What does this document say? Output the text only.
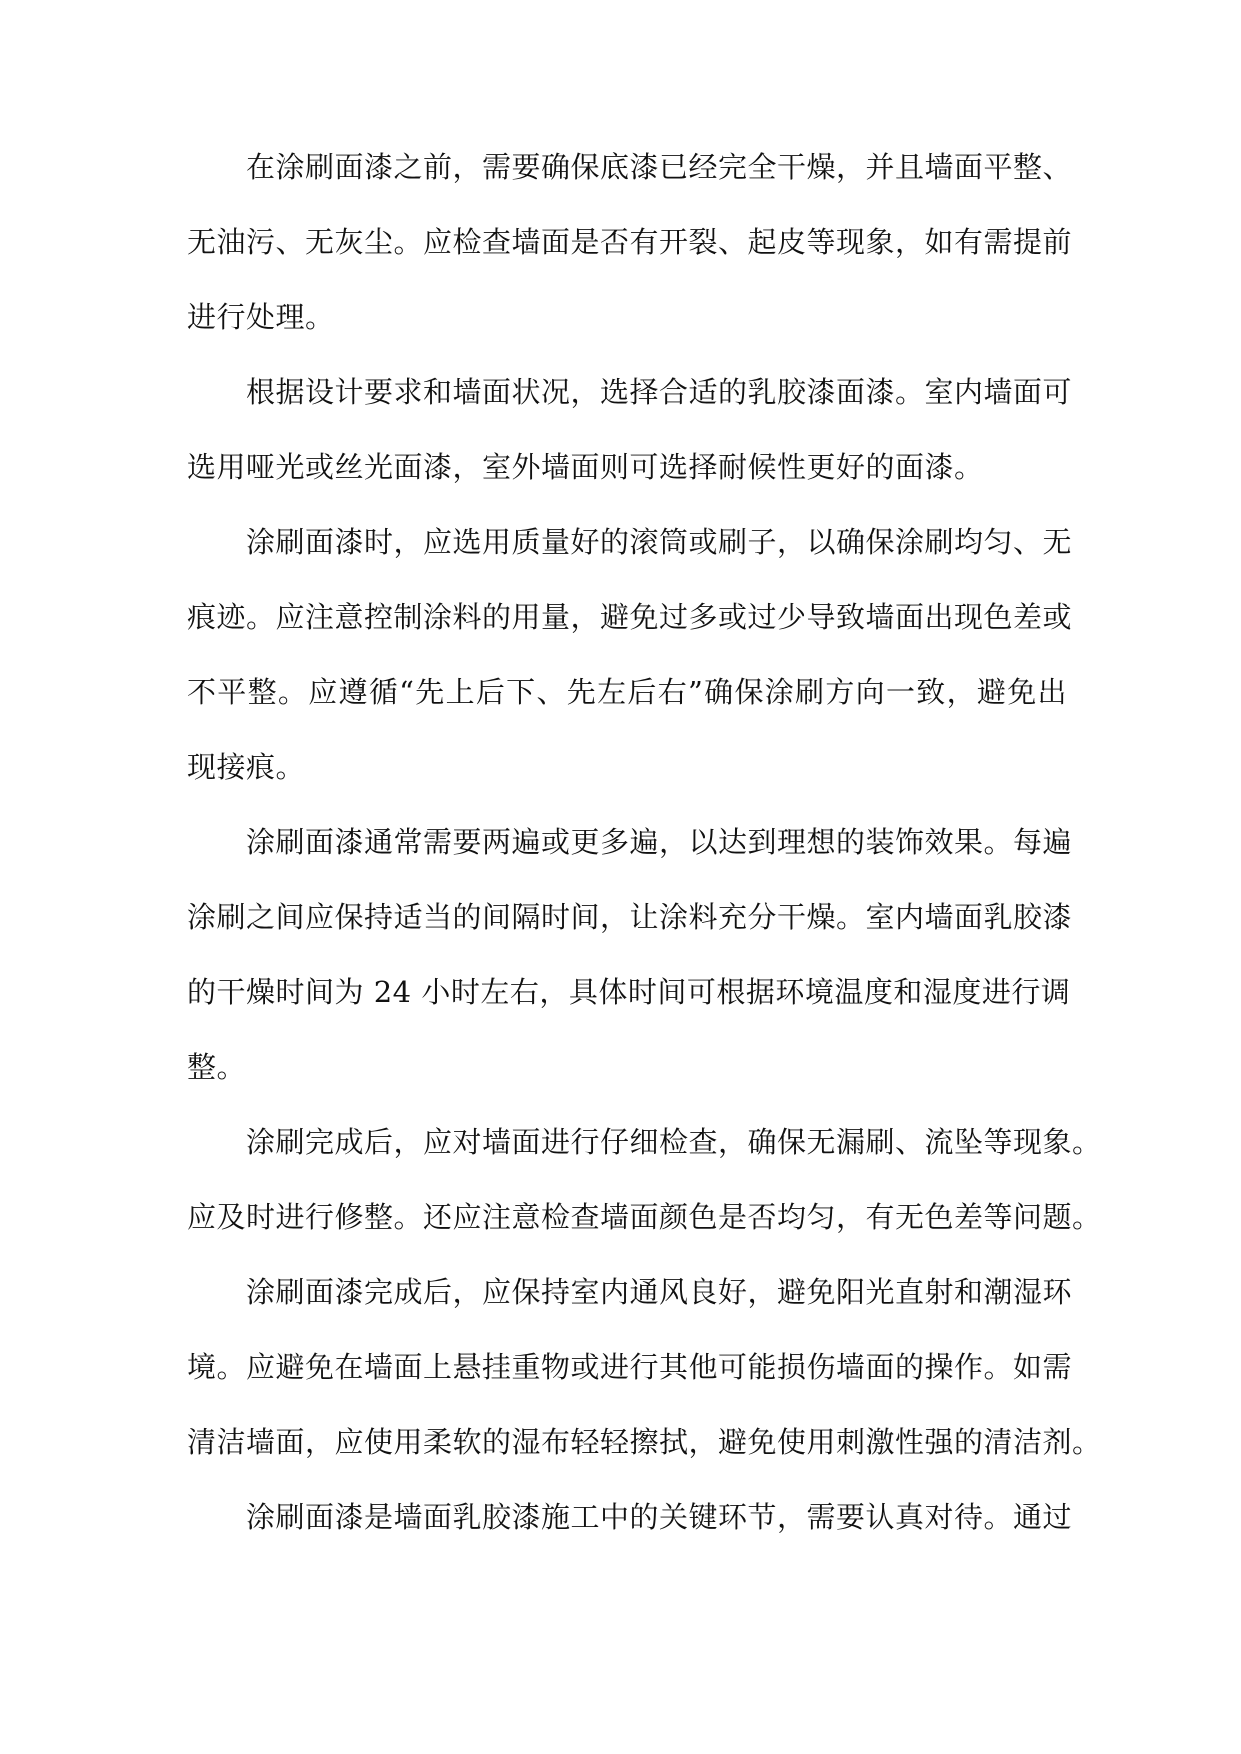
在涂刷面漆之前，需要确保底漆已经完全干燥，并且墙面平整、
无油污、无灰尘。应检查墙面是否有开裂、起皮等现象，如有需提前
进行处理。

根据设计要求和墙面状况，选择合适的乳胶漆面漆。室内墙面可
选用哑光或丝光面漆，室外墙面则可选择耐候性更好的面漆。

涂刷面漆时，应选用质量好的滚筒或刷子，以确保涂刷均匀、无
痕迹。应注意控制涂料的用量，避免过多或过少导致墙面出现色差或
不平整。应遵循“先上后下、先左后右”确保涂刷方向一致，避免出
现接痕。

涂刷面漆通常需要两遍或更多遍，以达到理想的装饰效果。每遍
涂刷之间应保持适当的间隔时间，让涂料充分干燥。室内墙面乳胶漆
的干燥时间为 24 小时左右，具体时间可根据环境温度和湿度进行调
整。

涂刷完成后，应对墙面进行仔细检查，确保无漏刷、流坠等现象。
应及时进行修整。还应注意检查墙面颜色是否均匀，有无色差等问题。

涂刷面漆完成后，应保持室内通风良好，避免阳光直射和潮湿环
境。应避免在墙面上悬挂重物或进行其他可能损伤墙面的操作。如需
清洁墙面，应使用柔软的湿布轻轻擦拭，避免使用刺激性强的清洁剂。

涂刷面漆是墙面乳胶漆施工中的关键环节，需要认真对待。通过
